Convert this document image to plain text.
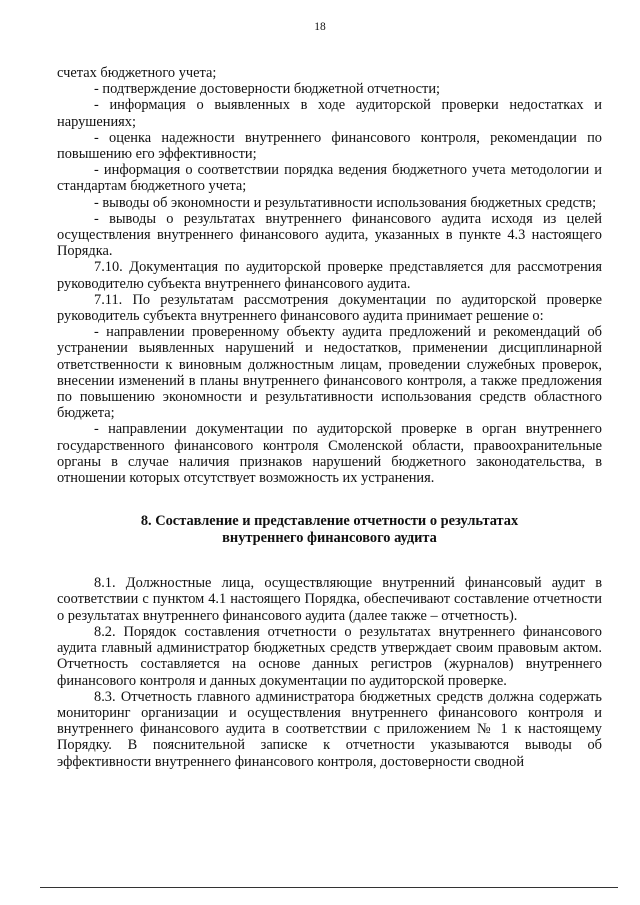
18

счетах бюджетного учета;

- подтверждение достоверности бюджетной отчетности;

- информация о выявленных в ходе аудиторской проверки недостатках и нарушениях;

- оценка надежности внутреннего финансового контроля, рекомендации по повышению его эффективности;

- информация о соответствии порядка ведения бюджетного учета методологии и стандартам бюджетного учета;

- выводы об экономности и результативности использования бюджетных средств;

- выводы о результатах внутреннего финансового аудита исходя из целей осуществления внутреннего финансового аудита, указанных в пункте 4.3 настоящего Порядка.

7.10. Документация по аудиторской проверке представляется для рассмотрения руководителю субъекта внутреннего финансового аудита.

7.11. По результатам рассмотрения документации по аудиторской проверке руководитель субъекта внутреннего финансового аудита принимает решение о:

- направлении проверенному объекту аудита предложений и рекомендаций об устранении выявленных нарушений и недостатков, применении дисциплинарной ответственности к виновным должностным лицам, проведении служебных проверок, внесении изменений в планы внутреннего финансового контроля, а также предложения по повышению экономности и результативности использования средств областного бюджета;

- направлении документации по аудиторской проверке в орган внутреннего государственного финансового контроля Смоленской области, правоохранительные органы в случае наличия признаков нарушений бюджетного законодательства, в отношении которых отсутствует возможность их устранения.

8. Составление и представление отчетности о результатах
внутреннего финансового аудита

8.1. Должностные лица, осуществляющие внутренний финансовый аудит в соответствии с пунктом 4.1 настоящего Порядка, обеспечивают составление отчетности о результатах внутреннего финансового аудита (далее также – отчетность).

8.2. Порядок составления отчетности о результатах внутреннего финансового аудита главный администратор бюджетных средств утверждает своим правовым актом. Отчетность составляется на основе данных регистров (журналов) внутреннего финансового контроля и данных документации по аудиторской проверке.

8.3. Отчетность главного администратора бюджетных средств должна содержать мониторинг организации и осуществления внутреннего финансового контроля и внутреннего финансового аудита в соответствии с приложением № 1 к настоящему Порядку. В пояснительной записке к отчетности указываются выводы об эффективности внутреннего финансового контроля, достоверности сводной
